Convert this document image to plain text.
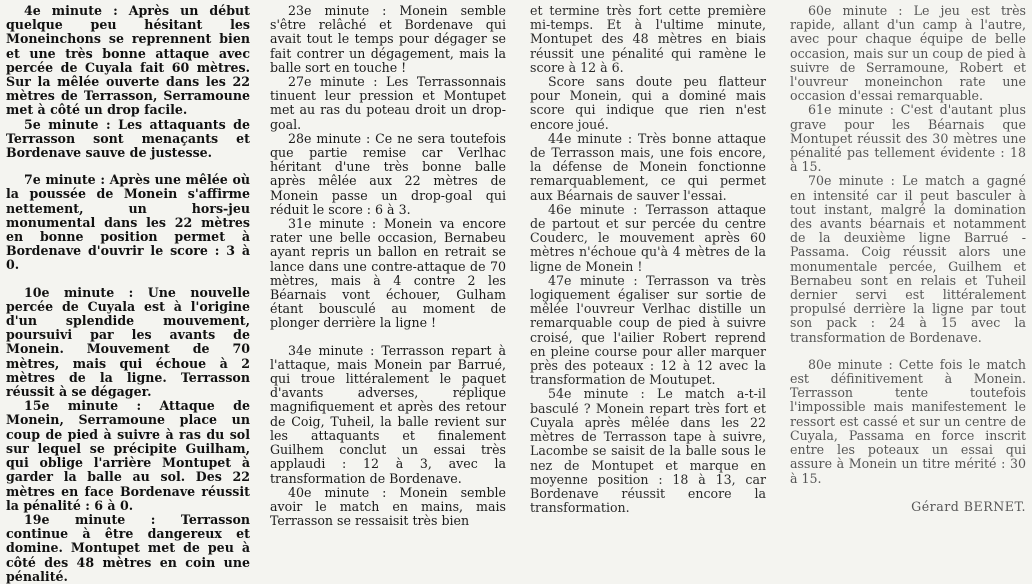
4e minute : Après un début quelque peu hésitant les Moneinchons se reprennent bien et une très bonne attaque avec percée de Cuyala fait 60 mètres. Sur la mêlée ouverte dans les 22 mètres de Terrasson, Serramoune met à côté un drop facile.

5e minute : Les attaquants de Terrasson sont menaçants et Bordenave sauve de justesse.

7e minute : Après une mêlée où la poussée de Monein s'affirme nettement, un hors-jeu monumental dans les 22 mètres en bonne position permet à Bordenave d'ouvrir le score : 3 à 0.

10e minute : Une nouvelle percée de Cuyala est à l'origine d'un splendide mouvement, poursuivi par les avants de Monein. Mouvement de 70 mètres, mais qui échoue à 2 mètres de la ligne. Terrasson réussit à se dégager.

15e minute : Attaque de Monein, Serramoune place un coup de pied à suivre à ras du sol sur lequel se précipite Guilham, qui oblige l'arrière Montupet à garder la balle au sol. Des 22 mètres en face Bordenave réussit la pénalité : 6 à 0.

19e minute : Terrasson continue à être dangereux et domine. Montupet met de peu à côté des 48 mètres en coin une pénalité.

23e minute : Monein semble s'être relâché et Bordenave qui avait tout le temps pour dégager se fait contrer un dégagement, mais la balle sort en touche !

27e minute : Les Terrassonnais tinuent leur pression et Montupet met au ras du poteau droit un drop-goal.

28e minute : Ce ne sera toutefois que partie remise car Verlhac héritant d'une très bonne balle après mêlée aux 22 mètres de Monein passe un drop-goal qui réduit le score : 6 à 3.

31e minute : Monein va encore rater une belle occasion, Bernabeu ayant repris un ballon en retrait se lance dans une contre-attaque de 70 mètres, mais à 4 contre 2 les Béarnais vont échouer, Gulham étant bousculé au moment de plonger derrière la ligne !

34e minute : Terrasson repart à l'attaque, mais Monein par Barrué, qui troue littéralement le paquet d'avants adverses, réplique magnifiquement et après des retour de Coig, Tuheil, la balle revient sur les attaquants et finalement Guilhem conclut un essai très applaudi : 12 à 3, avec la transformation de Bordenave.

40e minute : Monein semble avoir le match en mains, mais Terrasson se ressaisit très bien

et termine très fort cette première mi-temps. Et à l'ultime minute, Montupet des 48 mètres en biais réussit une pénalité qui ramène le score à 12 à 6.

Score sans doute peu flatteur pour Monein, qui a dominé mais score qui indique que rien n'est encore joué.

44e minute : Très bonne attaque de Terrasson mais, une fois encore, la défense de Monein fonctionne remarquablement, ce qui permet aux Béarnais de sauver l'essai.

46e minute : Terrasson attaque de partout et sur percée du centre Couderc, le mouvement après 60 mètres n'échoue qu'à 4 mètres de la ligne de Monein !

47e minute : Terrasson va très logiquement égaliser sur sortie de mêlée l'ouvreur Verlhac distille un remarquable coup de pied à suivre croisé, que l'ailier Robert reprend en pleine course pour aller marquer près des poteaux : 12 à 12 avec la transformation de Moutupet.

54e minute : Le match a-t-il basculé ? Monein repart très fort et Cuyala après mêlée dans les 22 mètres de Terrasson tape à suivre, Lacombe se saisit de la balle sous le nez de Montupet et marque en moyenne position : 18 à 13, car Bordenave réussit encore la transformation.

60e minute : Le jeu est très rapide, allant d'un camp à l'autre, avec pour chaque équipe de belle occasion, mais sur un coup de pied à suivre de Serramoune, Robert et l'ouvreur moneinchon rate une occasion d'essai remarquable.

61e minute : C'est d'autant plus grave pour les Béarnais que Montupet réussit des 30 mètres une pénalité pas tellement évidente : 18 à 15.

70e minute : Le match a gagné en intensité car il peut basculer à tout instant, malgré la domination des avants béarnais et notamment de la deuxième ligne Barrué - Passama. Coig réussit alors une monumentale percée, Guilhem et Bernabeu sont en relais et Tuheil dernier servi est littéralement propulsé derrière la ligne par tout son pack : 24 à 15 avec la transformation de Bordenave.

80e minute : Cette fois le match est définitivement à Monein. Terrasson tente toutefois l'impossible mais manifestement le ressort est cassé et sur un centre de Cuyala, Passama en force inscrit entre les poteaux un essai qui assure à Monein un titre mérité : 30 à 15.

Gérard BERNET.
